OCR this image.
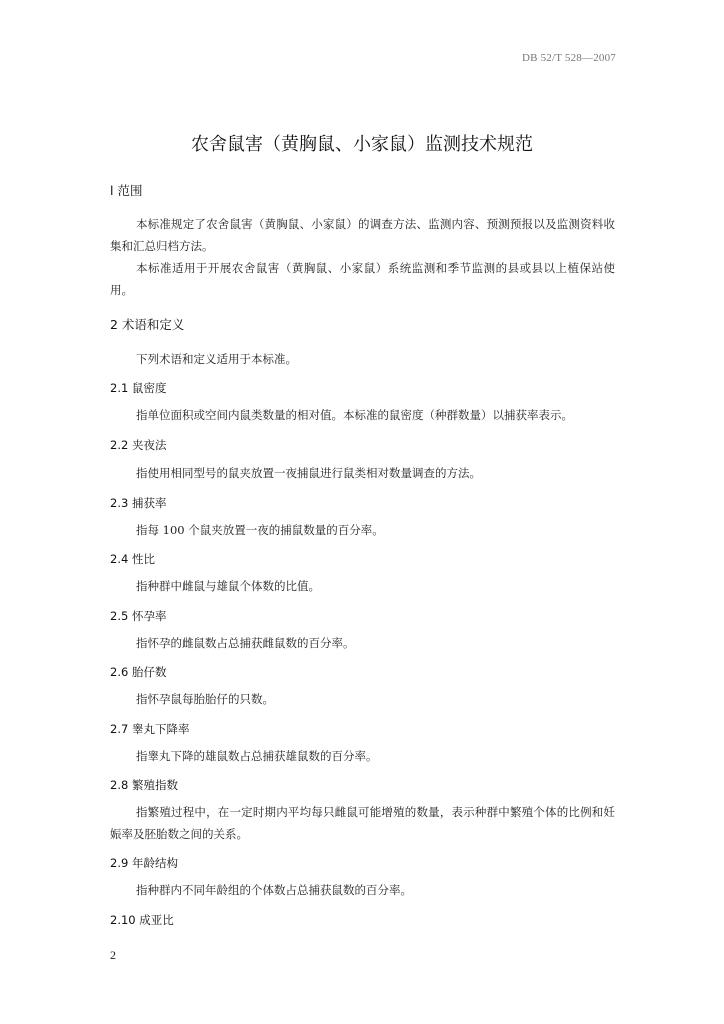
DB 52/T 528—2007
农舍鼠害（黄胸鼠、小家鼠）监测技术规范
l 范围

本标准规定了农舍鼠害（黄胸鼠、小家鼠）的调查方法、监测内容、预测预报以及监测资料收集和汇总归档方法。

本标准适用于开展农舍鼠害（黄胸鼠、小家鼠）系统监测和季节监测的县或县以上植保站使用。

2 术语和定义

下列术语和定义适用于本标准。

2.1 鼠密度

指单位面积或空间内鼠类数量的相对值。本标准的鼠密度（种群数量）以捕获率表示。

2.2 夹夜法

指使用相同型号的鼠夹放置一夜捕鼠进行鼠类相对数量调查的方法。

2.3 捕获率

指每 100 个鼠夹放置一夜的捕鼠数量的百分率。

2.4 性比

指种群中雌鼠与雄鼠个体数的比值。

2.5 怀孕率

指怀孕的雌鼠数占总捕获雌鼠数的百分率。

2.6 胎仔数

指怀孕鼠每胎胎仔的只数。

2.7 睾丸下降率

指睾丸下降的雄鼠数占总捕获雄鼠数的百分率。

2.8 繁殖指数

指繁殖过程中，在一定时期内平均每只雌鼠可能增殖的数量，表示种群中繁殖个体的比例和妊娠率及胚胎数之间的关系。

2.9 年龄结构

指种群内不同年龄组的个体数占总捕获鼠数的百分率。

2.10 成亚比
2
